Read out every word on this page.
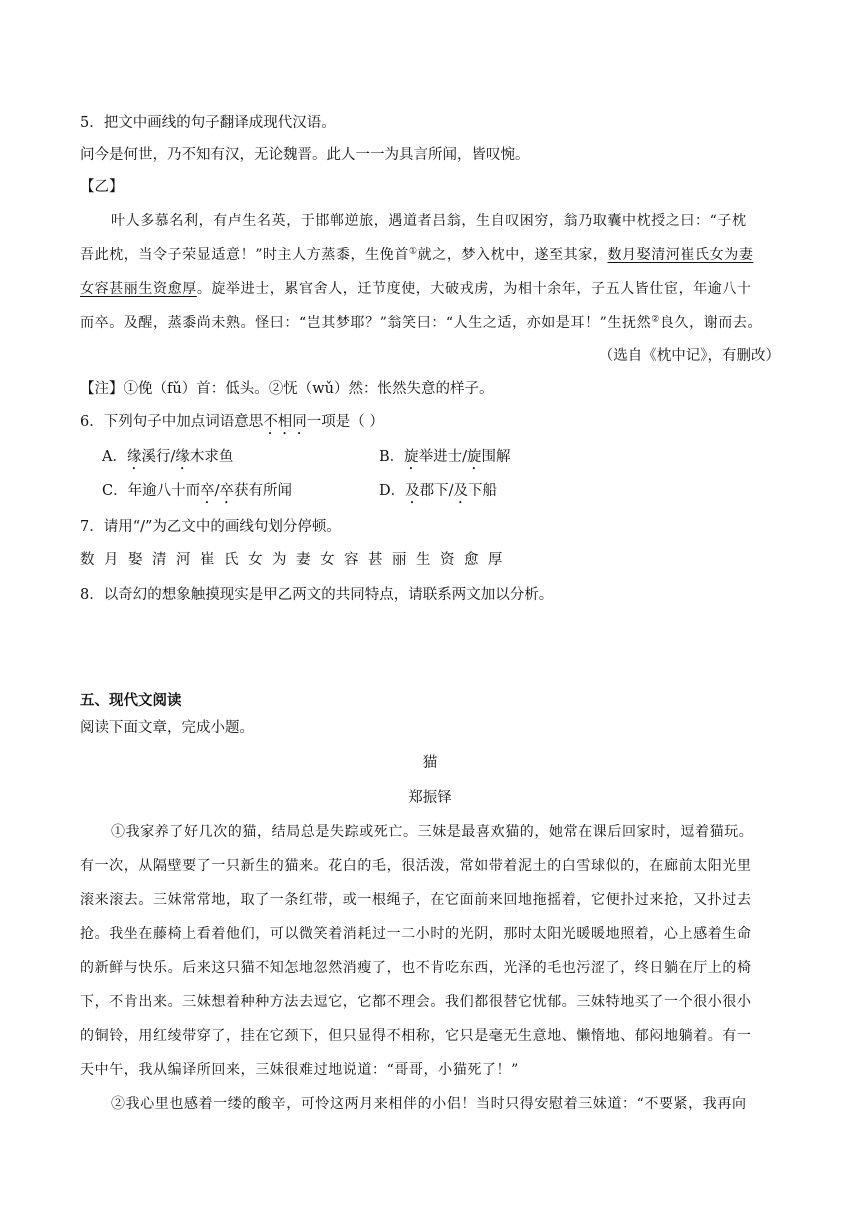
5．把文中画线的句子翻译成现代汉语。
问今是何世，乃不知有汉，无论魏晋。此人一一为具言所闻，皆叹惋。
【乙】
叶人多慕名利，有卢生名英，于邯郸逆旅，遇道者吕翁，生自叹困穷，翁乃取囊中枕授之曰：“子枕
吾此枕，当令子荣显适意！”时主人方蒸黍，生俛首①就之，梦入枕中，遂至其家，数月娶清河崔氏女为妻
女容甚丽生资愈厚。旋举进士，累官舍人，迁节度使，大破戎虏，为相十余年，子五人皆仕宦，年逾八十
而卒。及醒，蒸黍尚未熟。怪曰：“岂其梦耶？”翁笑曰：“人生之适，亦如是耳！”生抚然②良久，谢而去。
（选自《枕中记》，有删改）
【注】①俛（fǔ）首：低头。②怃（wǔ）然：怅然失意的样子。
6．下列句子中加点词语意思不相同一项是（ ）
A．缘溪行/缘木求鱼	B．旋举进士/旋围解
C．年逾八十而卒/卒获有所闻	D．及郡下/及下船
7．请用“/”为乙文中的画线句划分停顿。
数月娶清河崔氏女为妻女容甚丽生资愈厚
8．以奇幻的想象触摸现实是甲乙两文的共同特点，请联系两文加以分析。
五、现代文阅读
阅读下面文章，完成小题。
猫
郑振铎
①我家养了好几次的猫，结局总是失踪或死亡。三妹是最喜欢猫的，她常在课后回家时，逗着猫玩。
有一次，从隔壁要了一只新生的猫来。花白的毛，很活泼，常如带着泥土的白雪球似的，在廊前太阳光里
滚来滚去。三妹常常地，取了一条红带，或一根绳子，在它面前来回地拖摇着，它便扑过来抢，又扑过去
抢。我坐在藤椅上看着他们，可以微笑着消耗过一二小时的光阴，那时太阳光暖暖地照着，心上感着生命
的新鲜与快乐。后来这只猫不知怎地忽然消瘦了，也不肯吃东西，光泽的毛也污涩了，终日躺在厅上的椅
下，不肯出来。三妹想着种种方法去逗它，它都不理会。我们都很替它忧郁。三妹特地买了一个很小很小
的铜铃，用红绫带穿了，挂在它颈下，但只显得不相称，它只是毫无生意地、懒惰地、郁闷地躺着。有一
天中午，我从编译所回来，三妹很难过地说道：“哥哥，小猫死了！”
②我心里也感着一缕的酸辛，可怜这两月来相伴的小侣！当时只得安慰着三妹道：“不要紧，我再向
